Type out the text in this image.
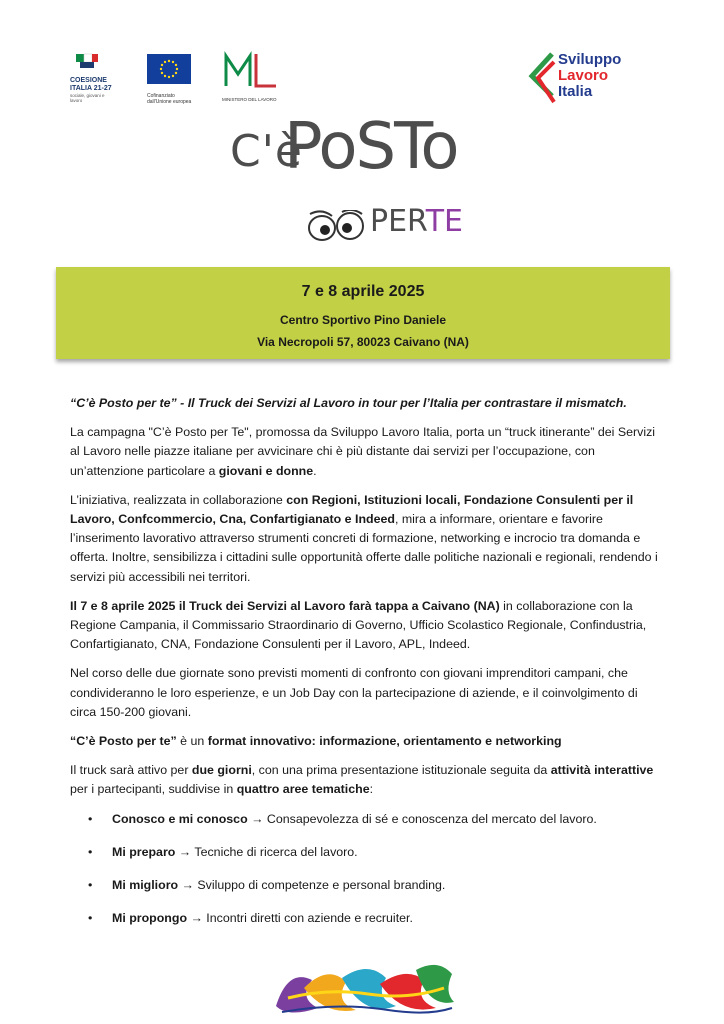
COESIONE
ITALIA 21-27
sociale, giovani e lavoro
Cofinanziato
dall'Unione europea	MINISTERO DEL LAVORO
Sviluppo
Lavoro
Italia
C'è
PoSTo
PERTE
7 e 8 aprile 2025
Centro Sportivo Pino Daniele
Via Necropoli 57, 80023 Caivano (NA)

“C’è Posto per te” - Il Truck dei Servizi al Lavoro in tour per l’Italia per contrastare il mismatch.

La campagna "C’è Posto per Te", promossa da Sviluppo Lavoro Italia, porta un “truck itinerante” dei Servizi al Lavoro nelle piazze italiane per avvicinare chi è più distante dai servizi per l’occupazione, con un’attenzione particolare a giovani e donne.

L’iniziativa, realizzata in collaborazione con Regioni, Istituzioni locali, Fondazione Consulenti per il Lavoro, Confcommercio, Cna, Confartigianato e Indeed, mira a informare, orientare e favorire l’inserimento lavorativo attraverso strumenti concreti di formazione, networking e incrocio tra domanda e offerta. Inoltre, sensibilizza i cittadini sulle opportunità offerte dalle politiche nazionali e regionali, rendendo i servizi più accessibili nei territori.

Il 7 e 8 aprile 2025 il Truck dei Servizi al Lavoro farà tappa a Caivano (NA) in collaborazione con la Regione Campania, il Commissario Straordinario di Governo, Ufficio Scolastico Regionale, Confindustria, Confartigianato, CNA, Fondazione Consulenti per il Lavoro, APL, Indeed.

Nel corso delle due giornate sono previsti momenti di confronto con giovani imprenditori campani, che condivideranno le loro esperienze, e un Job Day con la partecipazione di aziende, e il coinvolgimento di circa 150-200 giovani.

“C’è Posto per te” è un format innovativo: informazione, orientamento e networking

Il truck sarà attivo per due giorni, con una prima presentazione istituzionale seguita da attività interattive per i partecipanti, suddivise in quattro aree tematiche:

• Conosco e mi conosco → Consapevolezza di sé e conoscenza del mercato del lavoro.
• Mi preparo → Tecniche di ricerca del lavoro.
• Mi miglioro → Sviluppo di competenze e personal branding.
• Mi propongo → Incontri diretti con aziende e recruiter.
